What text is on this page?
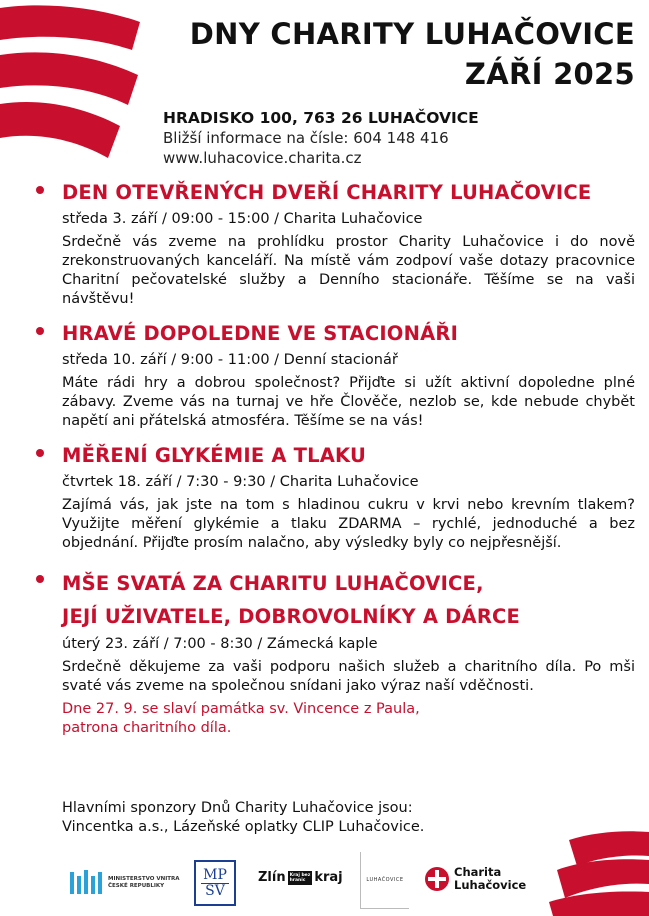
DNY CHARITY LUHAČOVICE
ZÁŘÍ 2025
HRADISKO 100, 763 26 LUHAČOVICE
Bližší informace na čísle: 604 148 416
www.luhacovice.charita.cz
DEN OTEVŘENÝCH DVEŘÍ CHARITY LUHAČOVICE
středa 3. září / 09:00 - 15:00 / Charita Luhačovice
Srdečně vás zveme na prohlídku prostor Charity Luhačovice i do nově zrekonstruovaných kanceláří. Na místě vám zodpoví vaše dotazy pracovnice Charitní pečovatelské služby a Denního stacionáře. Těšíme se na vaši návštěvu!
HRAVÉ DOPOLEDNE VE STACIONÁŘI
středa 10. září / 9:00 - 11:00 / Denní stacionář
Máte rádi hry a dobrou společnost? Přijďte si užít aktivní dopoledne plné zábavy. Zveme vás na turnaj ve hře Člověče, nezlob se, kde nebude chybět napětí ani přátelská atmosféra. Těšíme se na vás!
MĚŘENÍ GLYKÉMIE A TLAKU
čtvrtek 18. září / 7:30 - 9:30 / Charita Luhačovice
Zajímá vás, jak jste na tom s hladinou cukru v krvi nebo krevním tlakem? Využijte měření glykémie a tlaku ZDARMA – rychlé, jednoduché a bez objednání. Přijďte prosím nalačno, aby výsledky byly co nejpřesnější.
MŠE SVATÁ ZA CHARITU LUHAČOVICE,
JEJÍ UŽIVATELE, DOBROVOLNÍKY A DÁRCE
úterý 23. září / 7:00 - 8:30 / Zámecká kaple
Srdečně děkujeme za vaši podporu našich služeb a charitního díla. Po mši svaté vás zveme na společnou snídani jako výraz naší vděčnosti.
Dne 27. 9. se slaví památka sv. Vincence z Paula,
patrona charitního díla.
Hlavními sponzory Dnů Charity Luhačovice jsou:
Vincentka a.s., Lázeňské oplatky CLIP Luhačovice.
MINISTERSTVO VNITRA
ČESKÉ REPUBLIKY
MP
SV
Zlín Kraj bez
hranic kraj	LUHAČOVICE
Charita
Luhačovice
